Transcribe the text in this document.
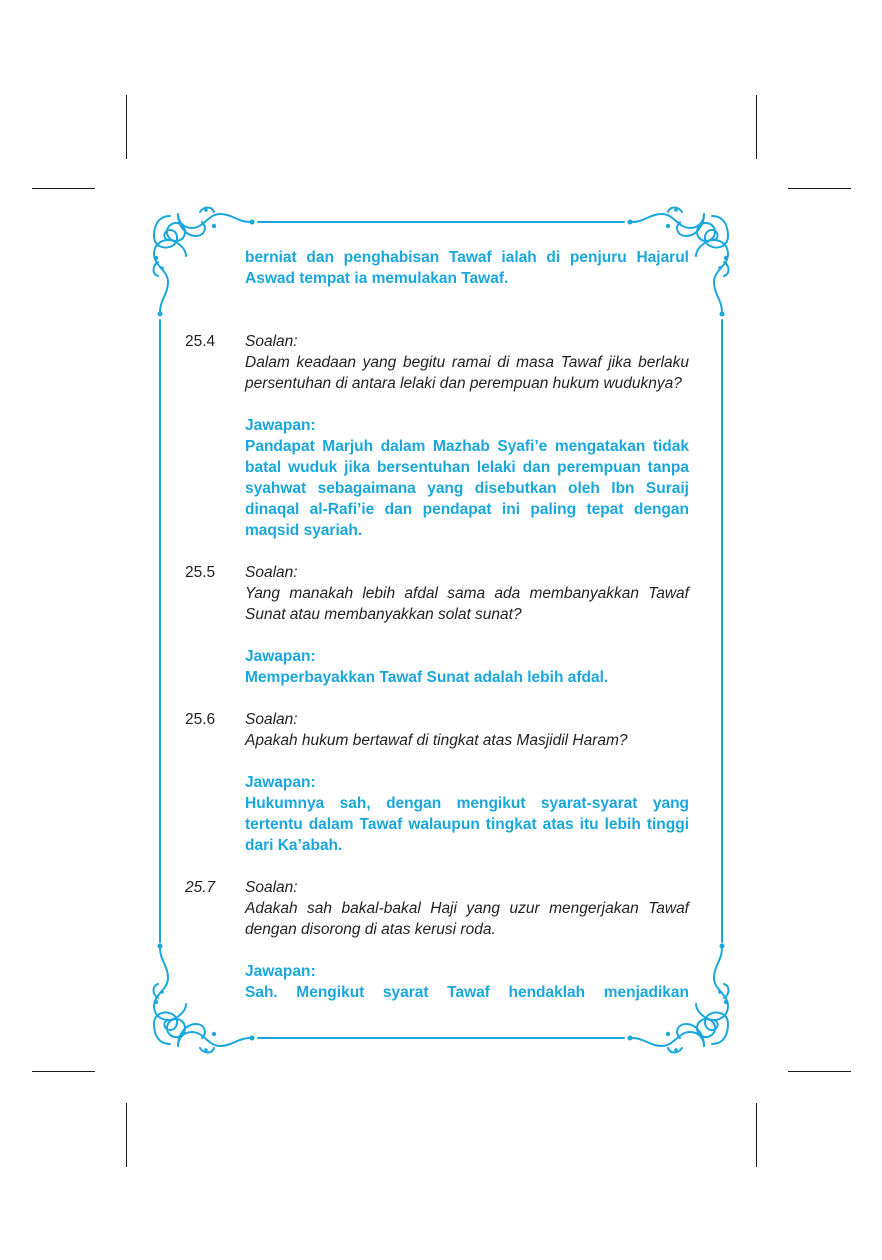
berniat dan penghabisan Tawaf ialah di penjuru Hajarul Aswad tempat ia memulakan Tawaf.
25.4 Soalan:
Dalam keadaan yang begitu ramai di masa Tawaf jika berlaku persentuhan di antara lelaki dan perempuan hukum wuduknya?
Jawapan:
Pandapat Marjuh dalam Mazhab Syafi’e mengatakan tidak batal wuduk jika bersentuhan lelaki dan perempuan tanpa syahwat sebagaimana yang disebutkan oleh Ibn Suraij dinaqal al-Rafi’ie dan pendapat ini paling tepat dengan maqsid syariah.
25.5 Soalan:
Yang manakah lebih afdal sama ada membanyakkan Tawaf Sunat atau membanyakkan solat sunat?
Jawapan:
Memperbayakkan Tawaf Sunat adalah lebih afdal.
25.6 Soalan:
Apakah hukum bertawaf di tingkat atas Masjidil Haram?
Jawapan:
Hukumnya sah, dengan mengikut syarat-syarat yang tertentu dalam Tawaf walaupun tingkat atas itu lebih tinggi dari Ka’abah.
25.7 Soalan:
Adakah sah bakal-bakal Haji yang uzur mengerjakan Tawaf dengan disorong di atas kerusi roda.
Jawapan:
Sah. Mengikut syarat Tawaf hendaklah menjadikan
